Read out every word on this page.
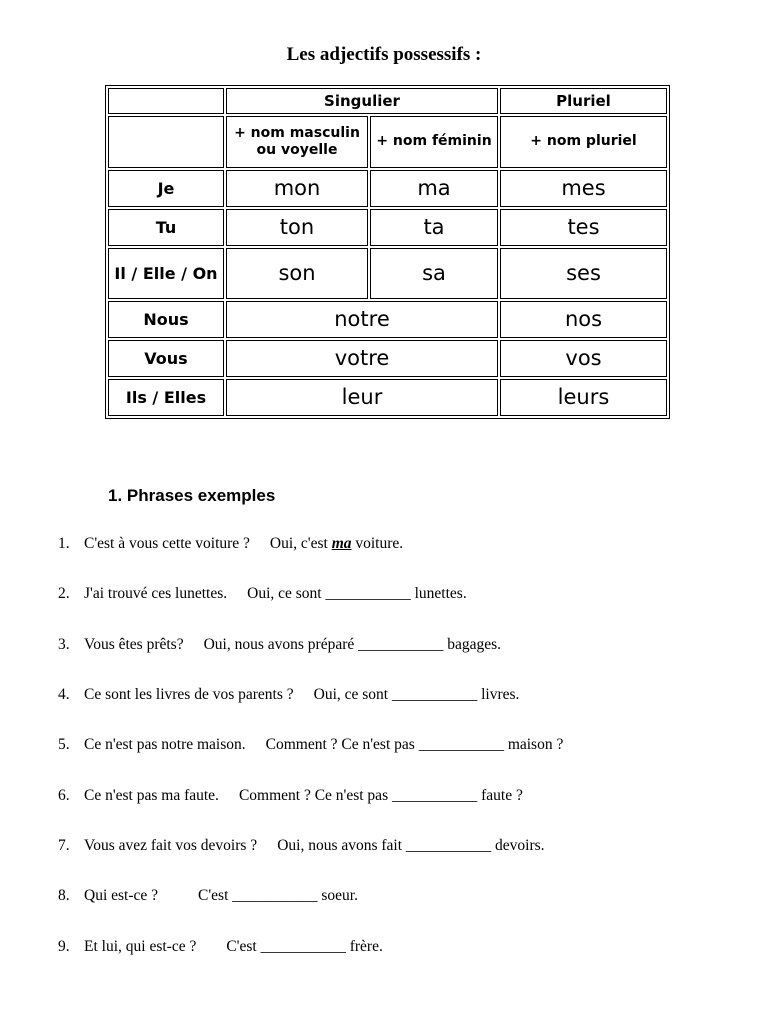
Les adjectifs possessifs :
	Singulier		Pluriel
	+ nom masculin ou voyelle	+ nom féminin	+ nom pluriel
Je	mon	ma	mes
Tu	ton	ta	tes
Il / Elle / On	son	sa	ses
Nous	notre		nos
Vous	votre		vos
Ils / Elles	leur		leurs
1. Phrases exemples
1. C'est à vous cette voiture ? Oui, c'est ma voiture.
2. J'ai trouvé ces lunettes. Oui, ce sont ___________ lunettes.
3. Vous êtes prêts? Oui, nous avons préparé ___________ bagages.
4. Ce sont les livres de vos parents ? Oui, ce sont ___________ livres.
5. Ce n'est pas notre maison. Comment ? Ce n'est pas ___________ maison ?
6. Ce n'est pas ma faute. Comment ? Ce n'est pas ___________ faute ?
7. Vous avez fait vos devoirs ? Oui, nous avons fait ___________ devoirs.
8. Qui est-ce ?	C'est ___________ soeur.
9. Et lui, qui est-ce ? C'est ___________ frère.
